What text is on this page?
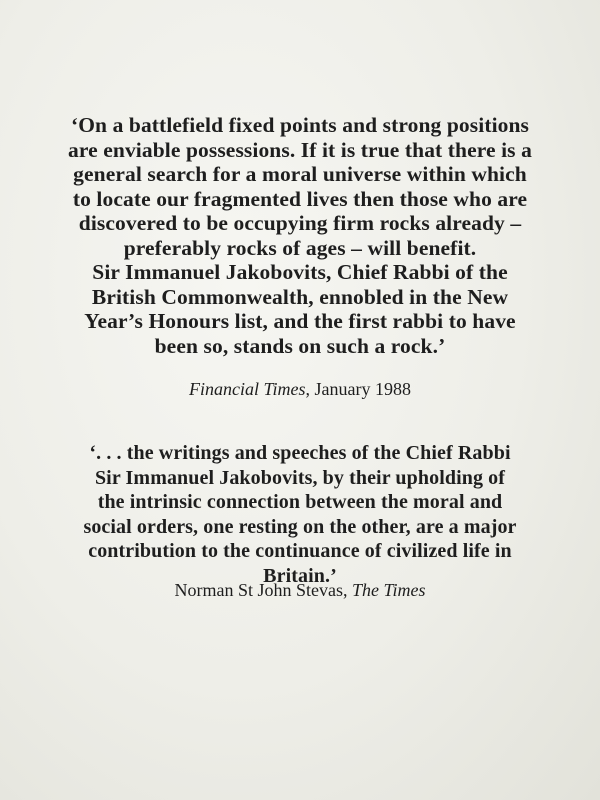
‘On a battlefield fixed points and strong positions
are enviable possessions. If it is true that there is a
general search for a moral universe within which
to locate our fragmented lives then those who are
discovered to be occupying firm rocks already –
preferably rocks of ages – will benefit.
Sir Immanuel Jakobovits, Chief Rabbi of the
British Commonwealth, ennobled in the New
Year’s Honours list, and the first rabbi to have
been so, stands on such a rock.’
Financial Times, January 1988
‘. . . the writings and speeches of the Chief Rabbi
Sir Immanuel Jakobovits, by their upholding of
the intrinsic connection between the moral and
social orders, one resting on the other, are a major
contribution to the continuance of civilized life in
Britain.’
Norman St John Stevas, The Times
